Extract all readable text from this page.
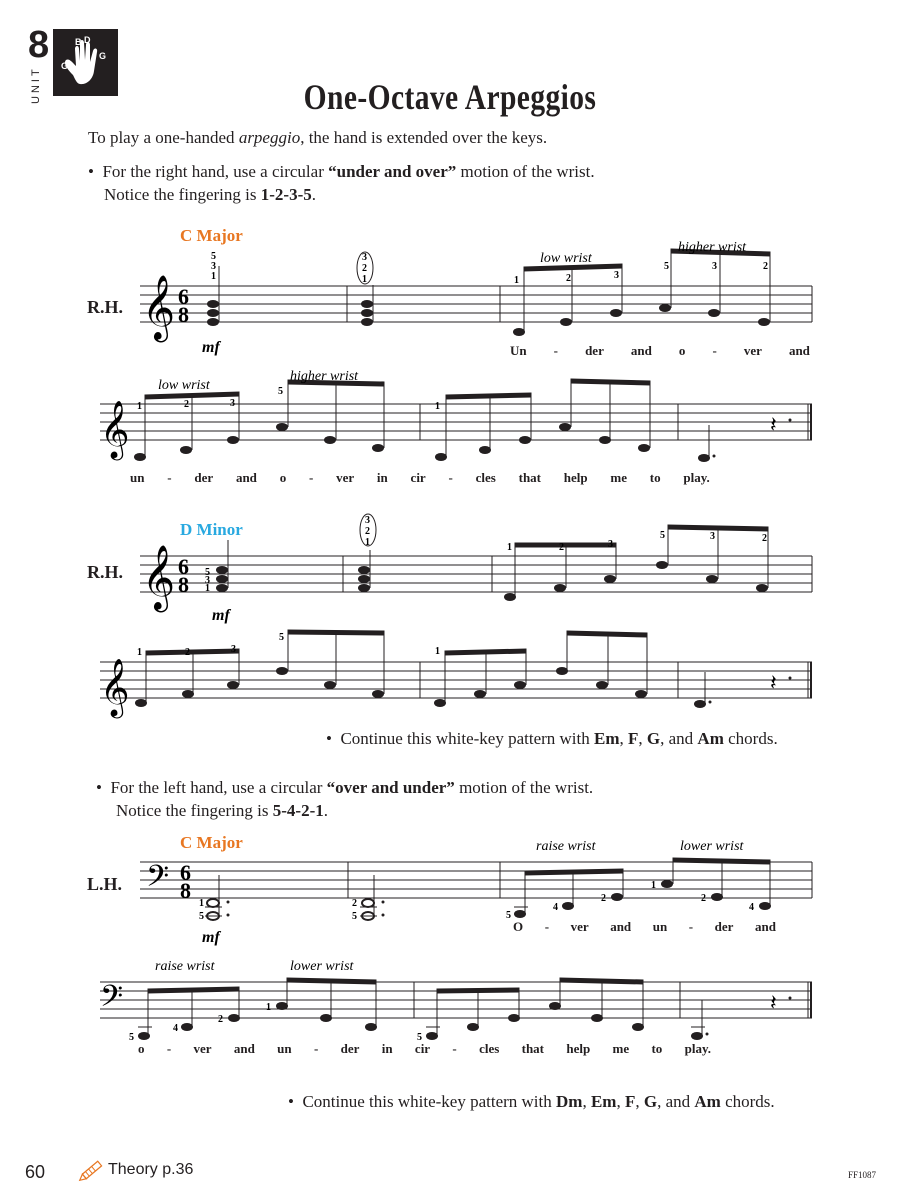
8
UNIT
G
B D
G
One-Octave Arpeggios
To play a one-handed arpeggio, the hand is extended over the keys.
• For the right hand, use a circular “under and over” motion of the wrist.
Notice the fingering is 1-2-3-5.
C Major
R.H. 𝄞 6
8
5
3
1
3
2
1
mf
low wrist
higher wrist
1	2	3
5	3	2
Un - der and o - ver and
𝄞	𝄽
low wrist
higher wrist
1	2	3
5
1
un - der and o - ver in cir - cles that help me to play.
D Minor
R.H. 𝄞 6
8 5
3
1
3
2
1
mf
1	2	3
5	3	2
𝄞	𝄽
1	2	3
5
1
•  Continue this white-key pattern with Em, F, G, and Am chords.
• For the left hand, use a circular “over and under” motion of the wrist.
Notice the fingering is 5-4-2-1.
C Major
L.H. 𝄢 6
8
1
5
2
5
mf
raise wrist	lower wrist
5
4
2
1
2
4
O - ver and un - der and
𝄢	𝄽
raise wrist	lower wrist
5
4
2
1
5
o - ver and un - der in cir - cles that help me to play.
•  Continue this white-key pattern with Dm, Em, F, G, and Am chords.
60	Theory p.36	FF1087
